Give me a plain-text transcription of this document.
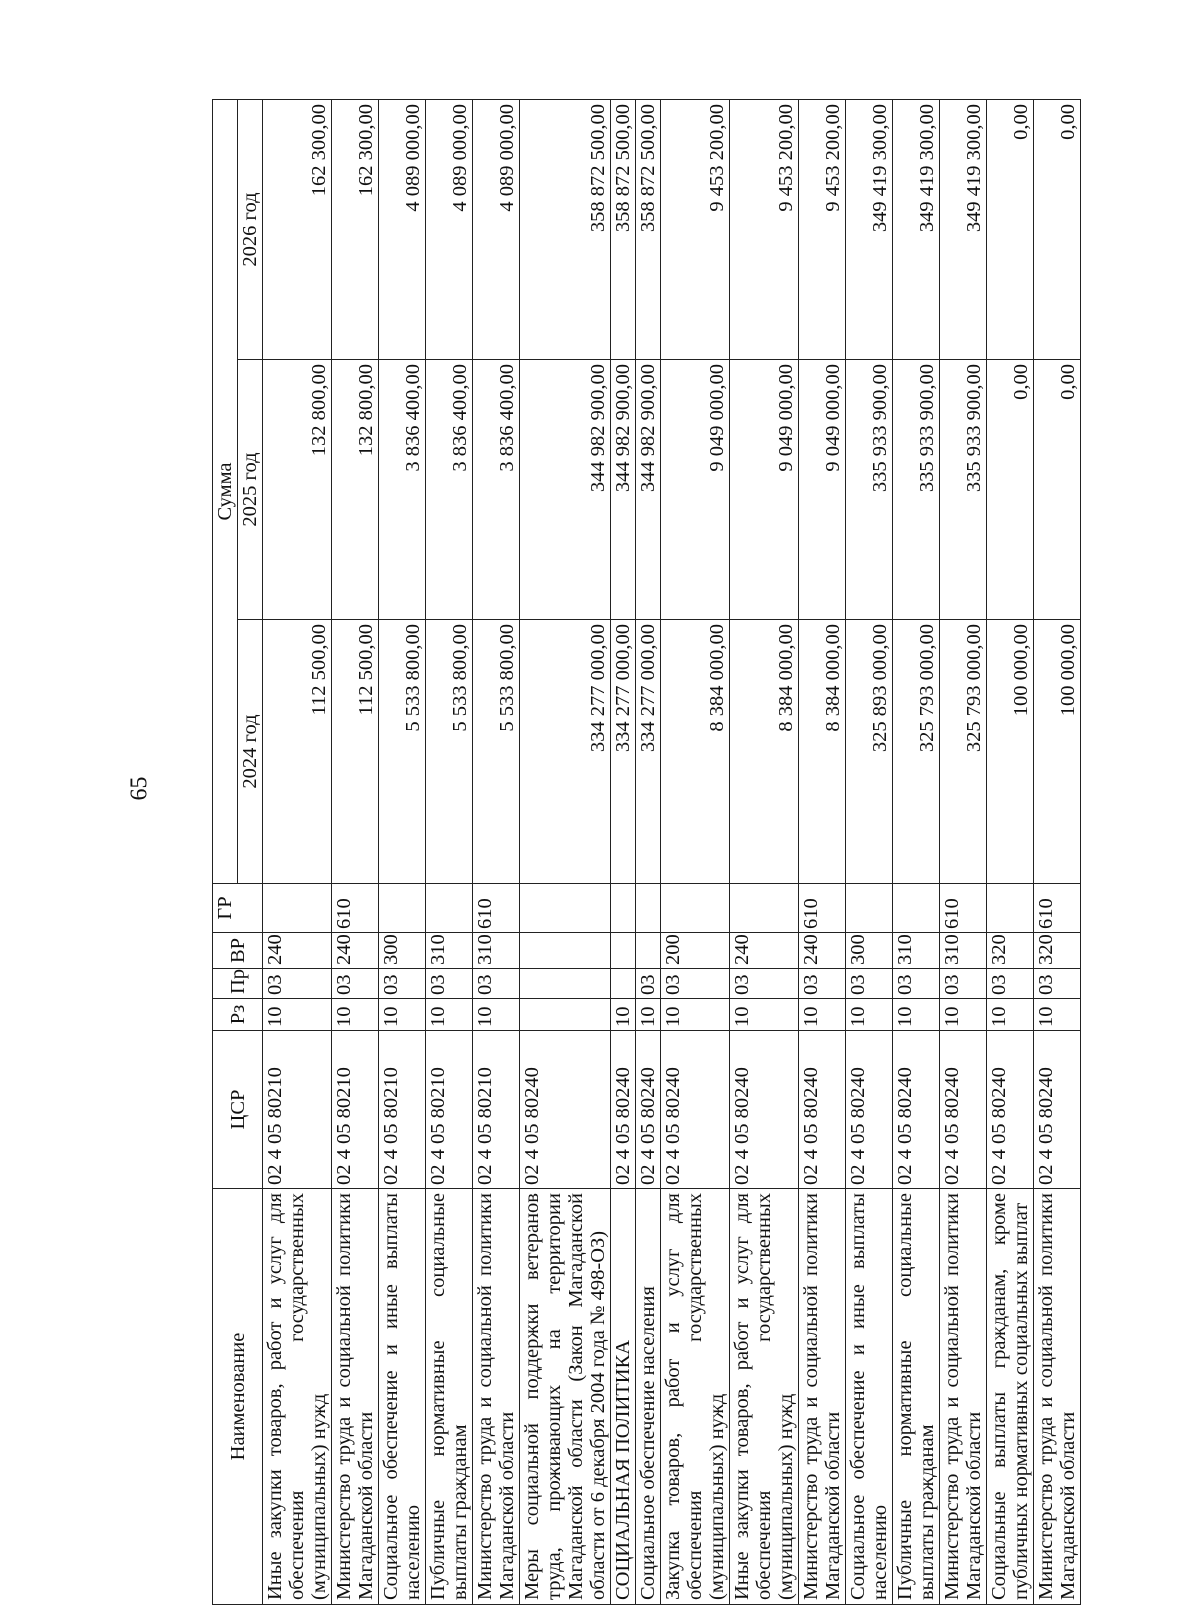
65
Наименование	ЦСР	Рз	Пр	ВР	ГР	Сумма		
						2024 год	2025 год	2026 год
Иные закупки товаров, работ и услуг для обеспечения государственных (муниципальных) нужд	02 4 05 80210	10	03	240		112 500,00	132 800,00	162 300,00
Министерство труда и социальной политики Магаданской области	02 4 05 80210	10	03	240	610	112 500,00	132 800,00	162 300,00
Социальное обеспечение и иные выплаты населению	02 4 05 80210	10	03	300		5 533 800,00	3 836 400,00	4 089 000,00
Публичные нормативные социальные выплаты гражданам	02 4 05 80210	10	03	310		5 533 800,00	3 836 400,00	4 089 000,00
Министерство труда и социальной политики Магаданской области	02 4 05 80210	10	03	310	610	5 533 800,00	3 836 400,00	4 089 000,00
Меры социальной поддержки ветеранов труда, проживающих на территории Магаданской области (Закон Магаданской области от 6 декабря 2004 года № 498-ОЗ)	02 4 05 80240					334 277 000,00	344 982 900,00	358 872 500,00
СОЦИАЛЬНАЯ ПОЛИТИКА	02 4 05 80240	10				334 277 000,00	344 982 900,00	358 872 500,00
Социальное обеспечение населения	02 4 05 80240	10	03			334 277 000,00	344 982 900,00	358 872 500,00
Закупка товаров, работ и услуг для обеспечения государственных (муниципальных) нужд	02 4 05 80240	10	03	200		8 384 000,00	9 049 000,00	9 453 200,00
Иные закупки товаров, работ и услуг для обеспечения государственных (муниципальных) нужд	02 4 05 80240	10	03	240		8 384 000,00	9 049 000,00	9 453 200,00
Министерство труда и социальной политики Магаданской области	02 4 05 80240	10	03	240	610	8 384 000,00	9 049 000,00	9 453 200,00
Социальное обеспечение и иные выплаты населению	02 4 05 80240	10	03	300		325 893 000,00	335 933 900,00	349 419 300,00
Публичные нормативные социальные выплаты гражданам	02 4 05 80240	10	03	310		325 793 000,00	335 933 900,00	349 419 300,00
Министерство труда и социальной политики Магаданской области	02 4 05 80240	10	03	310	610	325 793 000,00	335 933 900,00	349 419 300,00
Социальные выплаты гражданам, кроме публичных нормативных социальных выплат	02 4 05 80240	10	03	320		100 000,00	0,00	0,00
Министерство труда и социальной политики Магаданской области	02 4 05 80240	10	03	320	610	100 000,00	0,00	0,00
